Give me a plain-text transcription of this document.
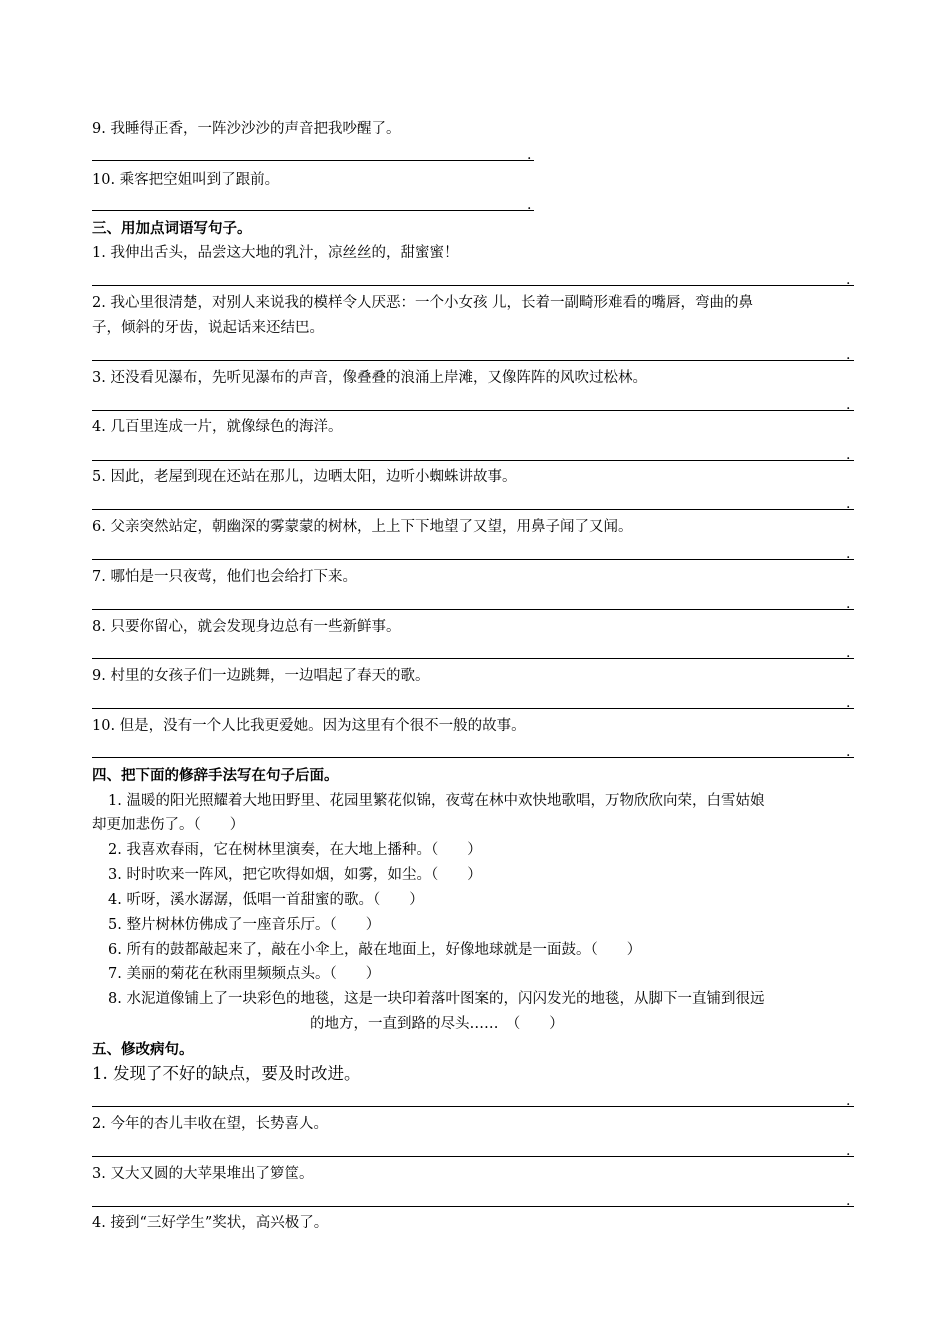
9. 我睡得正香，一阵沙沙沙的声音把我吵醒了。
.
10. 乘客把空姐叫到了跟前。
.
三、用加点词语写句子。
1. 我伸出舌头，品尝这大地的乳汁，凉丝丝的，甜蜜蜜！
.
2. 我心里很清楚，对别人来说我的模样令人厌恶：一个小女孩 儿，长着一副畸形难看的嘴唇，弯曲的鼻
子，倾斜的牙齿，说起话来还结巴。
.
3. 还没看见瀑布，先听见瀑布的声音，像叠叠的浪涌上岸滩，又像阵阵的风吹过松林。
.
4. 几百里连成一片，就像绿色的海洋。
.
5. 因此，老屋到现在还站在那儿，边晒太阳，边听小蜘蛛讲故事。
.
6. 父亲突然站定，朝幽深的雾蒙蒙的树林，上上下下地望了又望，用鼻子闻了又闻。
.
7. 哪怕是一只夜莺，他们也会给打下来。
.
8. 只要你留心，就会发现身边总有一些新鲜事。
.
9. 村里的女孩子们一边跳舞，一边唱起了春天的歌。
.
10. 但是，没有一个人比我更爱她。因为这里有个很不一般的故事。
.
四、把下面的修辞手法写在句子后面。
1. 温暖的阳光照耀着大地田野里、花园里繁花似锦，夜莺在林中欢快地歌唱，万物欣欣向荣，白雪姑娘
却更加悲伤了。（　　）
2. 我喜欢春雨，它在树林里演奏，在大地上播种。（　　）
3. 时时吹来一阵风，把它吹得如烟，如雾，如尘。（　　）
4. 听呀，溪水潺潺，低唱一首甜蜜的歌。（　　）
5. 整片树林仿佛成了一座音乐厅。（　　）
6. 所有的鼓都敲起来了，敲在小伞上，敲在地面上，好像地球就是一面鼓。（　　）
7. 美丽的菊花在秋雨里频频点头。（　　）
8. 水泥道像铺上了一块彩色的地毯，这是一块印着落叶图案的，闪闪发光的地毯，从脚下一直铺到很远
的地方，一直到路的尽头……　（　　）
五、修改病句。
1. 发现了不好的缺点，要及时改进。
.
2. 今年的杏儿丰收在望，长势喜人。
.
3. 又大又圆的大苹果堆出了箩筐。
.
4. 接到“三好学生”奖状，高兴极了。
